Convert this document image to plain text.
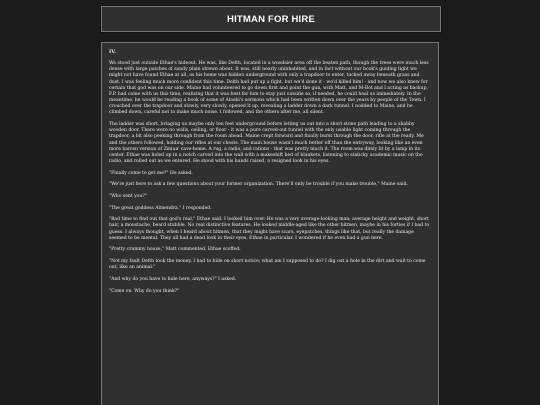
HITMAN FOR HIRE

IV.

We stood just outside Ethae's hideout. He was, like Delth, located in a woodsier area off the beaten path, though the trees were much less dense with large patches of sandy plain strewn about. It was, still nearly uninhabited, and in fact without our book's guiding light we might not have found Ethae at all, as his home was hidden underground with only a trapdoor to enter, tucked away beneath grass and dust. I was feeling much more confident this time. Delth had put up a fight, but we'd done it - we'd killed him! - and now we also knew for certain that god was on our side. Maine had volunteered to go down first and point the gun, with Matt, and M-Bot and I acting as backup. F.P. had come with us this time, realizing that it was best for him to stay just outside so, if needed, he could heal us immediately. In the meantime, he would be reading a book of some of Alaeki's sermons which had been written down over the years by people of the Town. I crouched over the trapdoor and slowly, very slowly, opened it up, revealing a ladder down a dark tunnel. I nodded to Maine, and he climbed down, careful not to make much noise. I followed, and the others after me, all silent.

The ladder was short, bringing us maybe only ten feet underground before letting us out into a short stone path leading to a shabby wooden door. There were no walls, ceiling, or floor - it was a pure carved-out tunnel with the only usable light coming through the trapdoor, a bit also peeking through from the room ahead. Maine crept forward and finally burst through the door, rifle at the ready. Me and the others followed, holding our rifles at our chests. The main house wasn't much better off than the entryway, looking like an even more barren version of Zmiua' cave-home. A rug, a radio, and rations - that was pretty much it. The room was dimly lit by a lamp in its center. Ethae was holed up in a notch carved into the wall with a makeshift bed of blankets, listening to staticky academic music on the radio, and rolled out as we entered. He stood with his hands raised, a resigned look in his eyes.

"Finally come to get me?" He asked.

"We're just here to ask a few questions about your former organization. There'll only be trouble if you make trouble," Maine said.

"Who sent you?"

"The great goddess Almendra," I responded.

"Bad time to find out that god's real," Ethae said. I looked him over. He was a very average-looking man; average height and weight, short hair, a moustache, beard stubble. No real distinctive features. He looked middle-aged like the other hitmen, maybe in his forties if I had to guess. I always thought, when I heard about hitmen, that they might have scars, eyepatches, things like that, but really the damage seemed to be mental. They all had a dead look in their eyes, Ethae in particular. I wondered if he even had a gun here.

"Pretty crummy house," Matt commented. Ethae scoffed.

"Not my fault Delth took the money. I had to hide on short notice; what am I supposed to do? I dig out a hole in the dirt and wait to come out, like an animal."

"And why do you have to hide here, anyways?" I asked.

"Come on. Why do you think?"
